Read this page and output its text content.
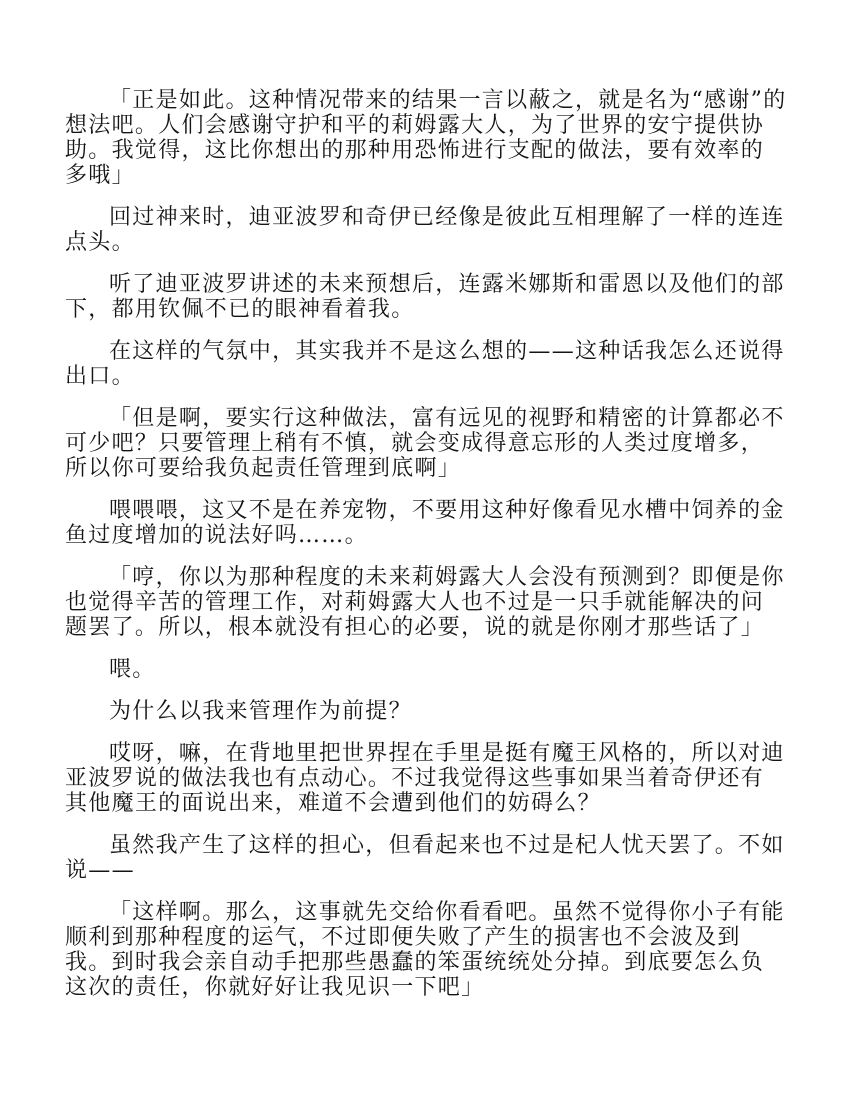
「正是如此。这种情况带来的结果一言以蔽之，就是名为“感谢”的想法吧。人们会感谢守护和平的莉姆露大人，为了世界的安宁提供协助。我觉得，这比你想出的那种用恐怖进行支配的做法，要有效率的多哦」

回过神来时，迪亚波罗和奇伊已经像是彼此互相理解了一样的连连点头。

听了迪亚波罗讲述的未来预想后，连露米娜斯和雷恩以及他们的部下，都用钦佩不已的眼神看着我。

在这样的气氛中，其实我并不是这么想的——这种话我怎么还说得出口。

「但是啊，要实行这种做法，富有远见的视野和精密的计算都必不可少吧？只要管理上稍有不慎，就会变成得意忘形的人类过度增多，所以你可要给我负起责任管理到底啊」

喂喂喂，这又不是在养宠物，不要用这种好像看见水槽中饲养的金鱼过度增加的说法好吗……。

「哼，你以为那种程度的未来莉姆露大人会没有预测到？即便是你也觉得辛苦的管理工作，对莉姆露大人也不过是一只手就能解决的问题罢了。所以，根本就没有担心的必要，说的就是你刚才那些话了」

喂。

为什么以我来管理作为前提？

哎呀，嘛，在背地里把世界捏在手里是挺有魔王风格的，所以对迪亚波罗说的做法我也有点动心。不过我觉得这些事如果当着奇伊还有其他魔王的面说出来，难道不会遭到他们的妨碍么？

虽然我产生了这样的担心，但看起来也不过是杞人忧天罢了。不如说——

「这样啊。那么，这事就先交给你看看吧。虽然不觉得你小子有能顺利到那种程度的运气，不过即便失败了产生的损害也不会波及到我。到时我会亲自动手把那些愚蠢的笨蛋统统处分掉。到底要怎么负这次的责任，你就好好让我见识一下吧」
